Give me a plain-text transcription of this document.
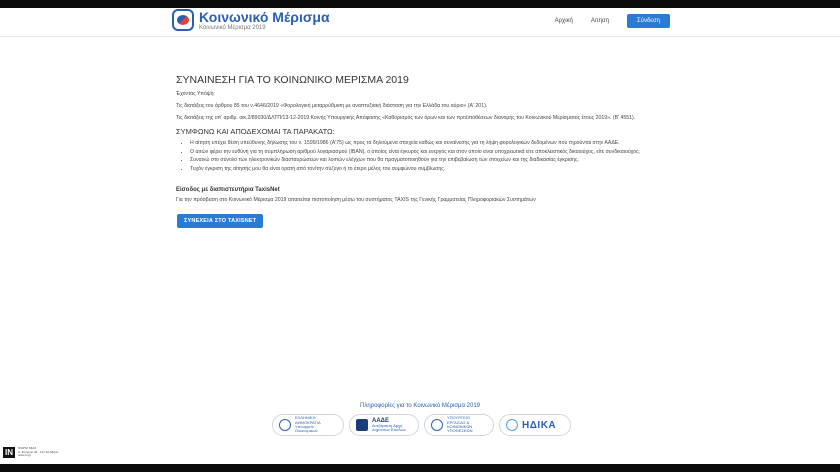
Κοινωνικό Μέρισμα
Κοινωνικό Μέρισμα 2019
Αρχική	Αιτηση	Σύνδεση
ΣΥΝΑΙΝΕΣΗ ΓΙΑ ΤΟ ΚΟΙΝΩΝΙΚΟ ΜΕΡΙΣΜΑ 2019

Έχοντας Υπόψη:

Τις διατάξεις του άρθρου 85 του ν.4646/2019 «Φορολογική μεταρρύθμιση με αναπτυξιακή διάσταση για την Ελλάδα του αύριο» (Α' 201).

Τις διατάξεις της υπ' αριθμ. οικ.2/89030/ΔΛΤΠ/13-12-2019 Κοινής Υπουργικής Απόφασης «Καθορισμός των όρων και των προϋποθέσεων διανομής του Κοινωνικού Μερίσματος έτους 2019». (Β' 4551).

ΣΥΜΦΩΝΩ ΚΑΙ ΑΠΟΔΕΧΟΜΑΙ ΤΑ ΠΑΡΑΚΑΤΩ:
• Η αίτηση επέχει θέση υπεύθυνης δήλωσης του ν. 1599/1986 (Α'75) ως προς τα δηλούμενα στοιχεία καθώς και συναίνεσης για τη λήψη φορολογικών δεδομένων που τηρούνται στην ΑΑΔΕ.
• Ο αιτών φέρει την ευθύνη για τη συμπλήρωση αριθμού λογαριασμού (IBAN), ο οποίος είναι έγκυρος και ενεργός και στον οποίο είναι υποχρεωτικά είτε αποκλειστικός δικαιούχος, είτε συνδικαιούχος.
• Συναινώ στο σύνολο των ηλεκτρονικών διασταυρώσεων και λοιπών ελέγχων που θα πραγματοποιηθούν για την επιβεβαίωση των στοιχείων και της διαδικασίας έγκρισης.
• Τυχόν έγκριση της αίτησής μου θα είναι ορατή από τον/την σύζυγο ή το έτερο μέλος του συμφώνου συμβίωσης.
Είσοδος με διαπιστευτήρια TaxisNet

Για την πρόσβαση στο Κοινωνικό Μέρισμα 2019 απαιτείται πιστοποίηση μέσω του συστήματος TAXIS της Γενικής Γραμματείας Πληροφοριακών Συστημάτων

ΣΥΝΕΧΕΙΑ ΣΤΟ TAXISNET
Πληροφορίες για το Κοινωνικό Μέρισμα 2019
ΕΛΛΗΝΙΚΗ ΔΗΜΟΚΡΑΤΙΑ Υπουργείο Οικονομικών
ΑΑΔΕ
Ανεξάρτητη Αρχή Δημοσίων Εσόδων
ΥΠΟΥΡΓΕΙΟ ΕΡΓΑΣΙΑΣ & ΚΟΙΝΩΝΙΚΩΝ ΥΠΟΘΕΣΕΩΝ
ΗΔΙΚΑ
IN	ΙΣΟΡΙΟ ΜΙΑΣ
Λ. Συγγρού 44 · 117 42 Αθήνα
www.in.gr
